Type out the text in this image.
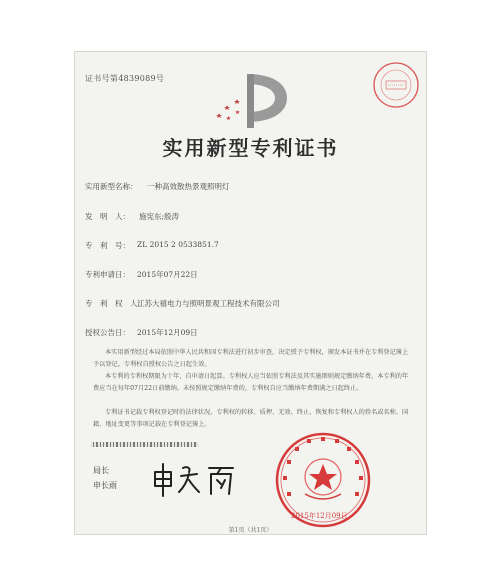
证书号第4839089号
实用新型专利证书
实用新型名称： 一种高效散热景观照明灯
发　明　人： 施宪东;殷涛
专　利　号： ZL 2015 2 0533851.7
专利申请日： 2015年07月22日
专　利　权　人：
江苏大禧电力与照明景观工程技术有限公司
授权公告日： 2015年12月09日
本实用新型经过本局依照中华人民共和国专利法进行初步审查，决定授予专利权，颁发本证书并在专利登记簿上予以登记。专利权自授权公告之日起生效。
本专利的专利权期限为十年，自申请日起算。专利权人应当依照专利法及其实施细则规定缴纳年费。本专利的年费应当在每年07月22日前缴纳。未按照规定缴纳年费的，专利权自应当缴纳年费期满之日起终止。
专利证书记载专利权登记时的法律状况。专利权的转移、质押、无效、终止、恢复和专利权人的姓名或名称、国籍、地址变更等事项记载在专利登记簿上。
局长
申长雨
2015年12月09日
第1页（共1页）
